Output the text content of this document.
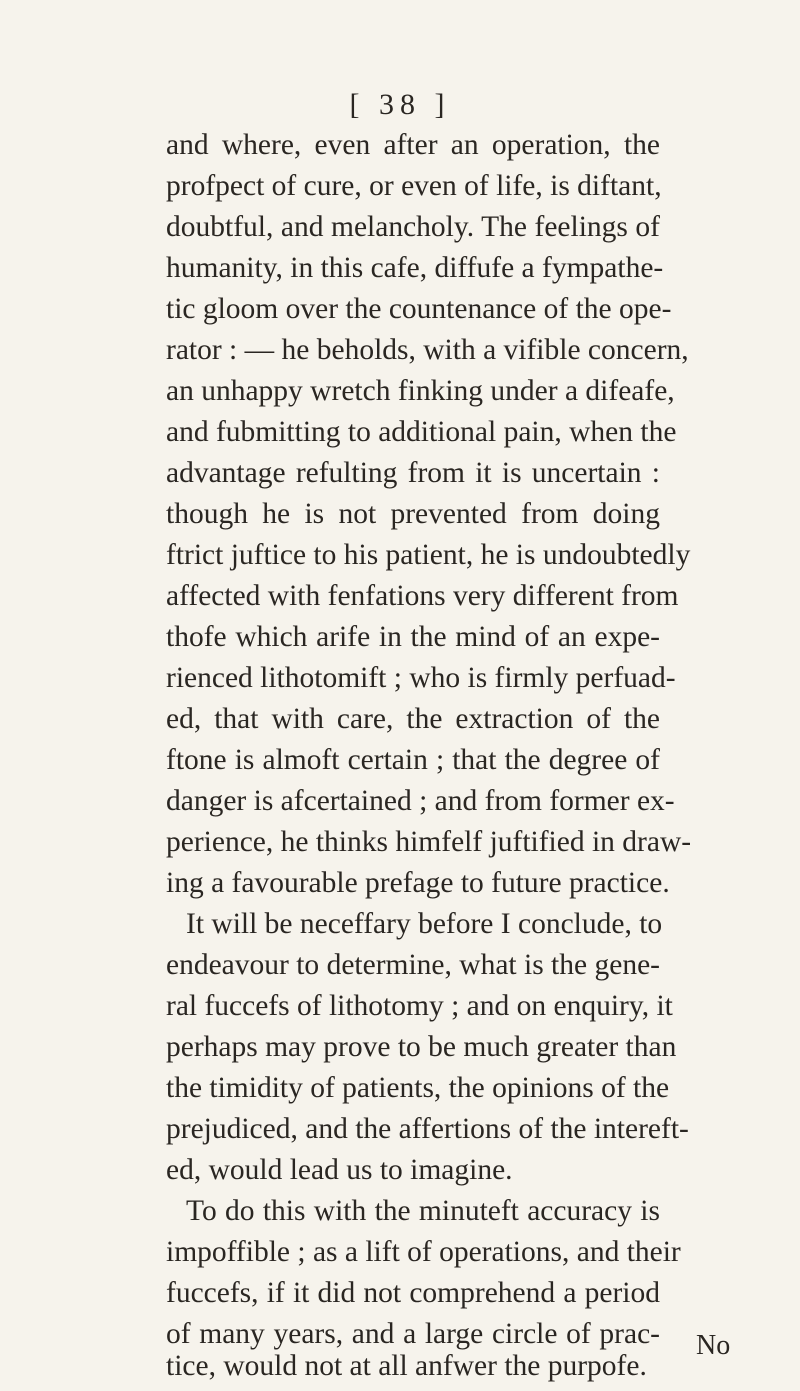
[ 38 ]
and where, even after an operation, the
profpect of cure, or even of life, is diftant,
doubtful, and melancholy. The feelings of
humanity, in this cafe, diffufe a fympathe-
tic gloom over the countenance of the ope-
rator : — he beholds, with a vifible concern,
an unhappy wretch finking under a difeafe,
and fubmitting to additional pain, when the
advantage refulting from it is uncertain :
though he is not prevented from doing
ftrict juftice to his patient, he is undoubtedly
affected with fenfations very different from
thofe which arife in the mind of an expe-
rienced lithotomift ; who is firmly perfuad-
ed, that with care, the extraction of the
ftone is almoft certain ; that the degree of
danger is afcertained ; and from former ex-
perience, he thinks himfelf juftified in draw-
ing a favourable prefage to future practice.
It will be neceffary before I conclude, to
endeavour to determine, what is the gene-
ral fuccefs of lithotomy ; and on enquiry, it
perhaps may prove to be much greater than
the timidity of patients, the opinions of the
prejudiced, and the affertions of the intereft-
ed, would lead us to imagine.
To do this with the minuteft accuracy is
impoffible ; as a lift of operations, and their
fuccefs, if it did not comprehend a period
of many years, and a large circle of prac-
tice, would not at all anfwer the purpofe.
No
